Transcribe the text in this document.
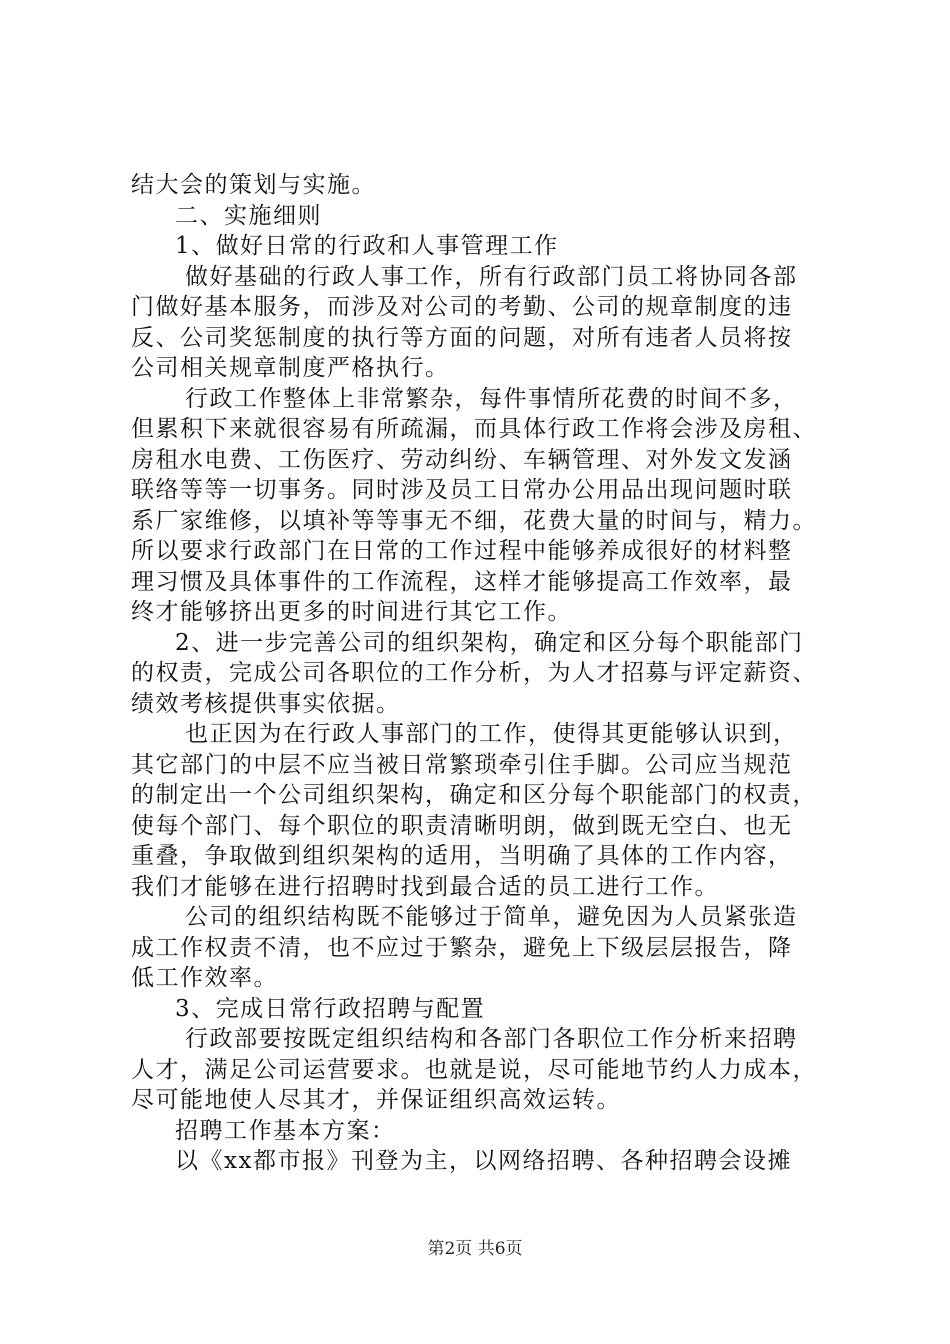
结大会的策划与实施。
二、实施细则
1、做好日常的行政和人事管理工作
做好基础的行政人事工作，所有行政部门员工将协同各部
门做好基本服务，而涉及对公司的考勤、公司的规章制度的违
反、公司奖惩制度的执行等方面的问题，对所有违者人员将按
公司相关规章制度严格执行。
行政工作整体上非常繁杂，每件事情所花费的时间不多，
但累积下来就很容易有所疏漏，而具体行政工作将会涉及房租、
房租水电费、工伤医疗、劳动纠纷、车辆管理、对外发文发涵
联络等等一切事务。同时涉及员工日常办公用品出现问题时联
系厂家维修，以填补等等事无不细，花费大量的时间与，精力。
所以要求行政部门在日常的工作过程中能够养成很好的材料整
理习惯及具体事件的工作流程，这样才能够提高工作效率，最
终才能够挤出更多的时间进行其它工作。
2、进一步完善公司的组织架构，确定和区分每个职能部门
的权责，完成公司各职位的工作分析，为人才招募与评定薪资、
绩效考核提供事实依据。
也正因为在行政人事部门的工作，使得其更能够认识到，
其它部门的中层不应当被日常繁琐牵引住手脚。公司应当规范
的制定出一个公司组织架构，确定和区分每个职能部门的权责，
使每个部门、每个职位的职责清晰明朗，做到既无空白、也无
重叠，争取做到组织架构的适用，当明确了具体的工作内容，
我们才能够在进行招聘时找到最合适的员工进行工作。
公司的组织结构既不能够过于简单，避免因为人员紧张造
成工作权责不清，也不应过于繁杂，避免上下级层层报告，降
低工作效率。
3、完成日常行政招聘与配置
行政部要按既定组织结构和各部门各职位工作分析来招聘
人才，满足公司运营要求。也就是说，尽可能地节约人力成本，
尽可能地使人尽其才，并保证组织高效运转。
招聘工作基本方案：
以《xx都市报》刊登为主，以网络招聘、各种招聘会设摊
第2页 共6页
